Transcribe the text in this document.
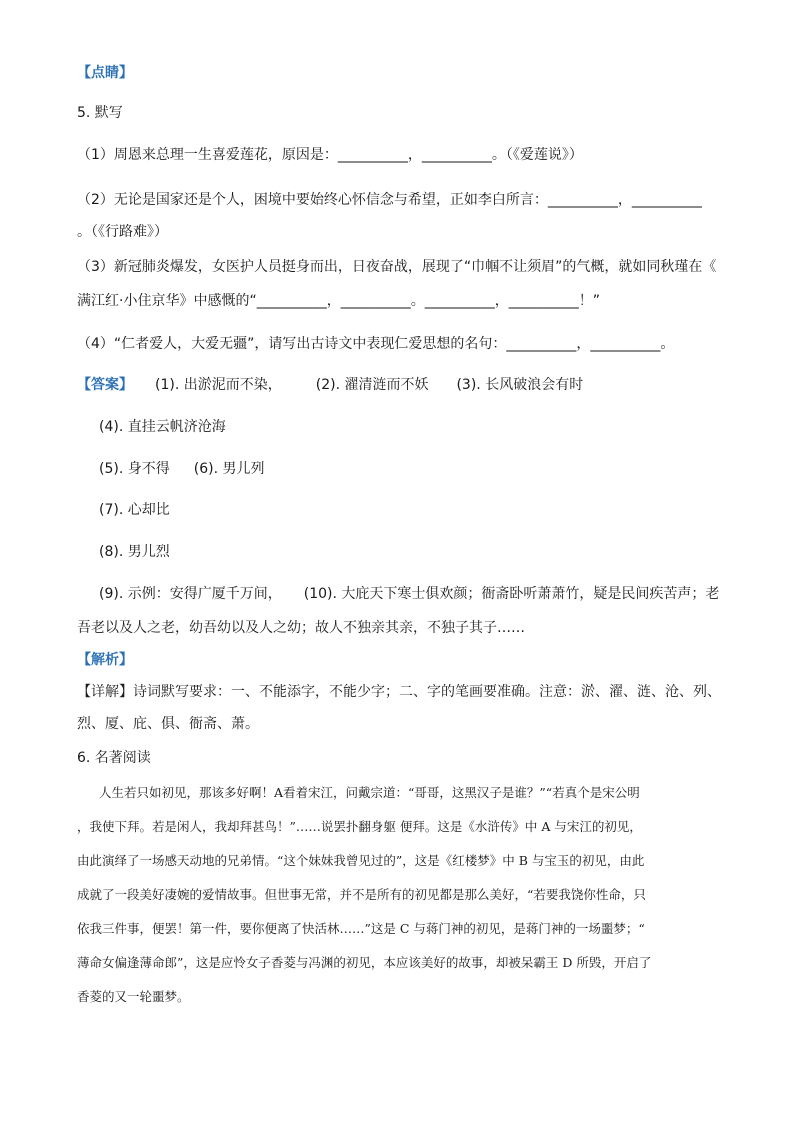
【点睛】
5. 默写
（1）周恩来总理一生喜爱莲花，原因是：__________，__________。（《爱莲说》）
（2）无论是国家还是个人，困境中要始终心怀信念与希望，正如李白所言：__________，__________
。（《行路难》）
（3）新冠肺炎爆发，女医护人员挺身而出，日夜奋战，展现了“巾帼不让须眉”的气概，就如同秋瑾在《
满江红·小住京华》中感慨的“__________，__________。__________，__________！”
（4）“仁者爱人，大爱无疆”，请写出古诗文中表现仁爱思想的名句：__________，__________。
【答案】 (1). 出淤泥而不染， (2). 濯清涟而不妖 (3). 长风破浪会有时
(4). 直挂云帆济沧海
(5). 身不得 (6). 男儿列
(7). 心却比
(8). 男儿烈
(9). 示例：安得广厦千万间， (10). 大庇天下寒士俱欢颜；衙斋卧听萧萧竹，疑是民间疾苦声；老
吾老以及人之老，幼吾幼以及人之幼；故人不独亲其亲，不独子其子……
【解析】
【详解】诗词默写要求：一、不能添字，不能少字；二、字的笔画要准确。注意：淤、濯、涟、沧、列、
烈、厦、庇、俱、衙斋、萧。
6. 名著阅读
人生若只如初见，那该多好啊！A看着宋江，问戴宗道：“哥哥，这黑汉子是谁？”“若真个是宋公明
，我使下拜。若是闲人，我却拜甚鸟！”……说罢扑翻身躯 便拜。这是《水浒传》中 A 与宋江的初见，
由此演绎了一场感天动地的兄弟情。“这个妹妹我曾见过的”，这是《红楼梦》中 B 与宝玉的初见，由此
成就了一段美好凄婉的爱情故事。但世事无常，并不是所有的初见都是那么美好，“若要我饶你性命，只
依我三件事，便罢！第一件，要你便离了快活林……”这是 C 与蒋门神的初见，是蒋门神的一场噩梦；“
薄命女偏逢薄命郎”，这是应怜女子香菱与冯渊的初见，本应该美好的故事，却被呆霸王 D 所毁，开启了
香菱的又一轮噩梦。
